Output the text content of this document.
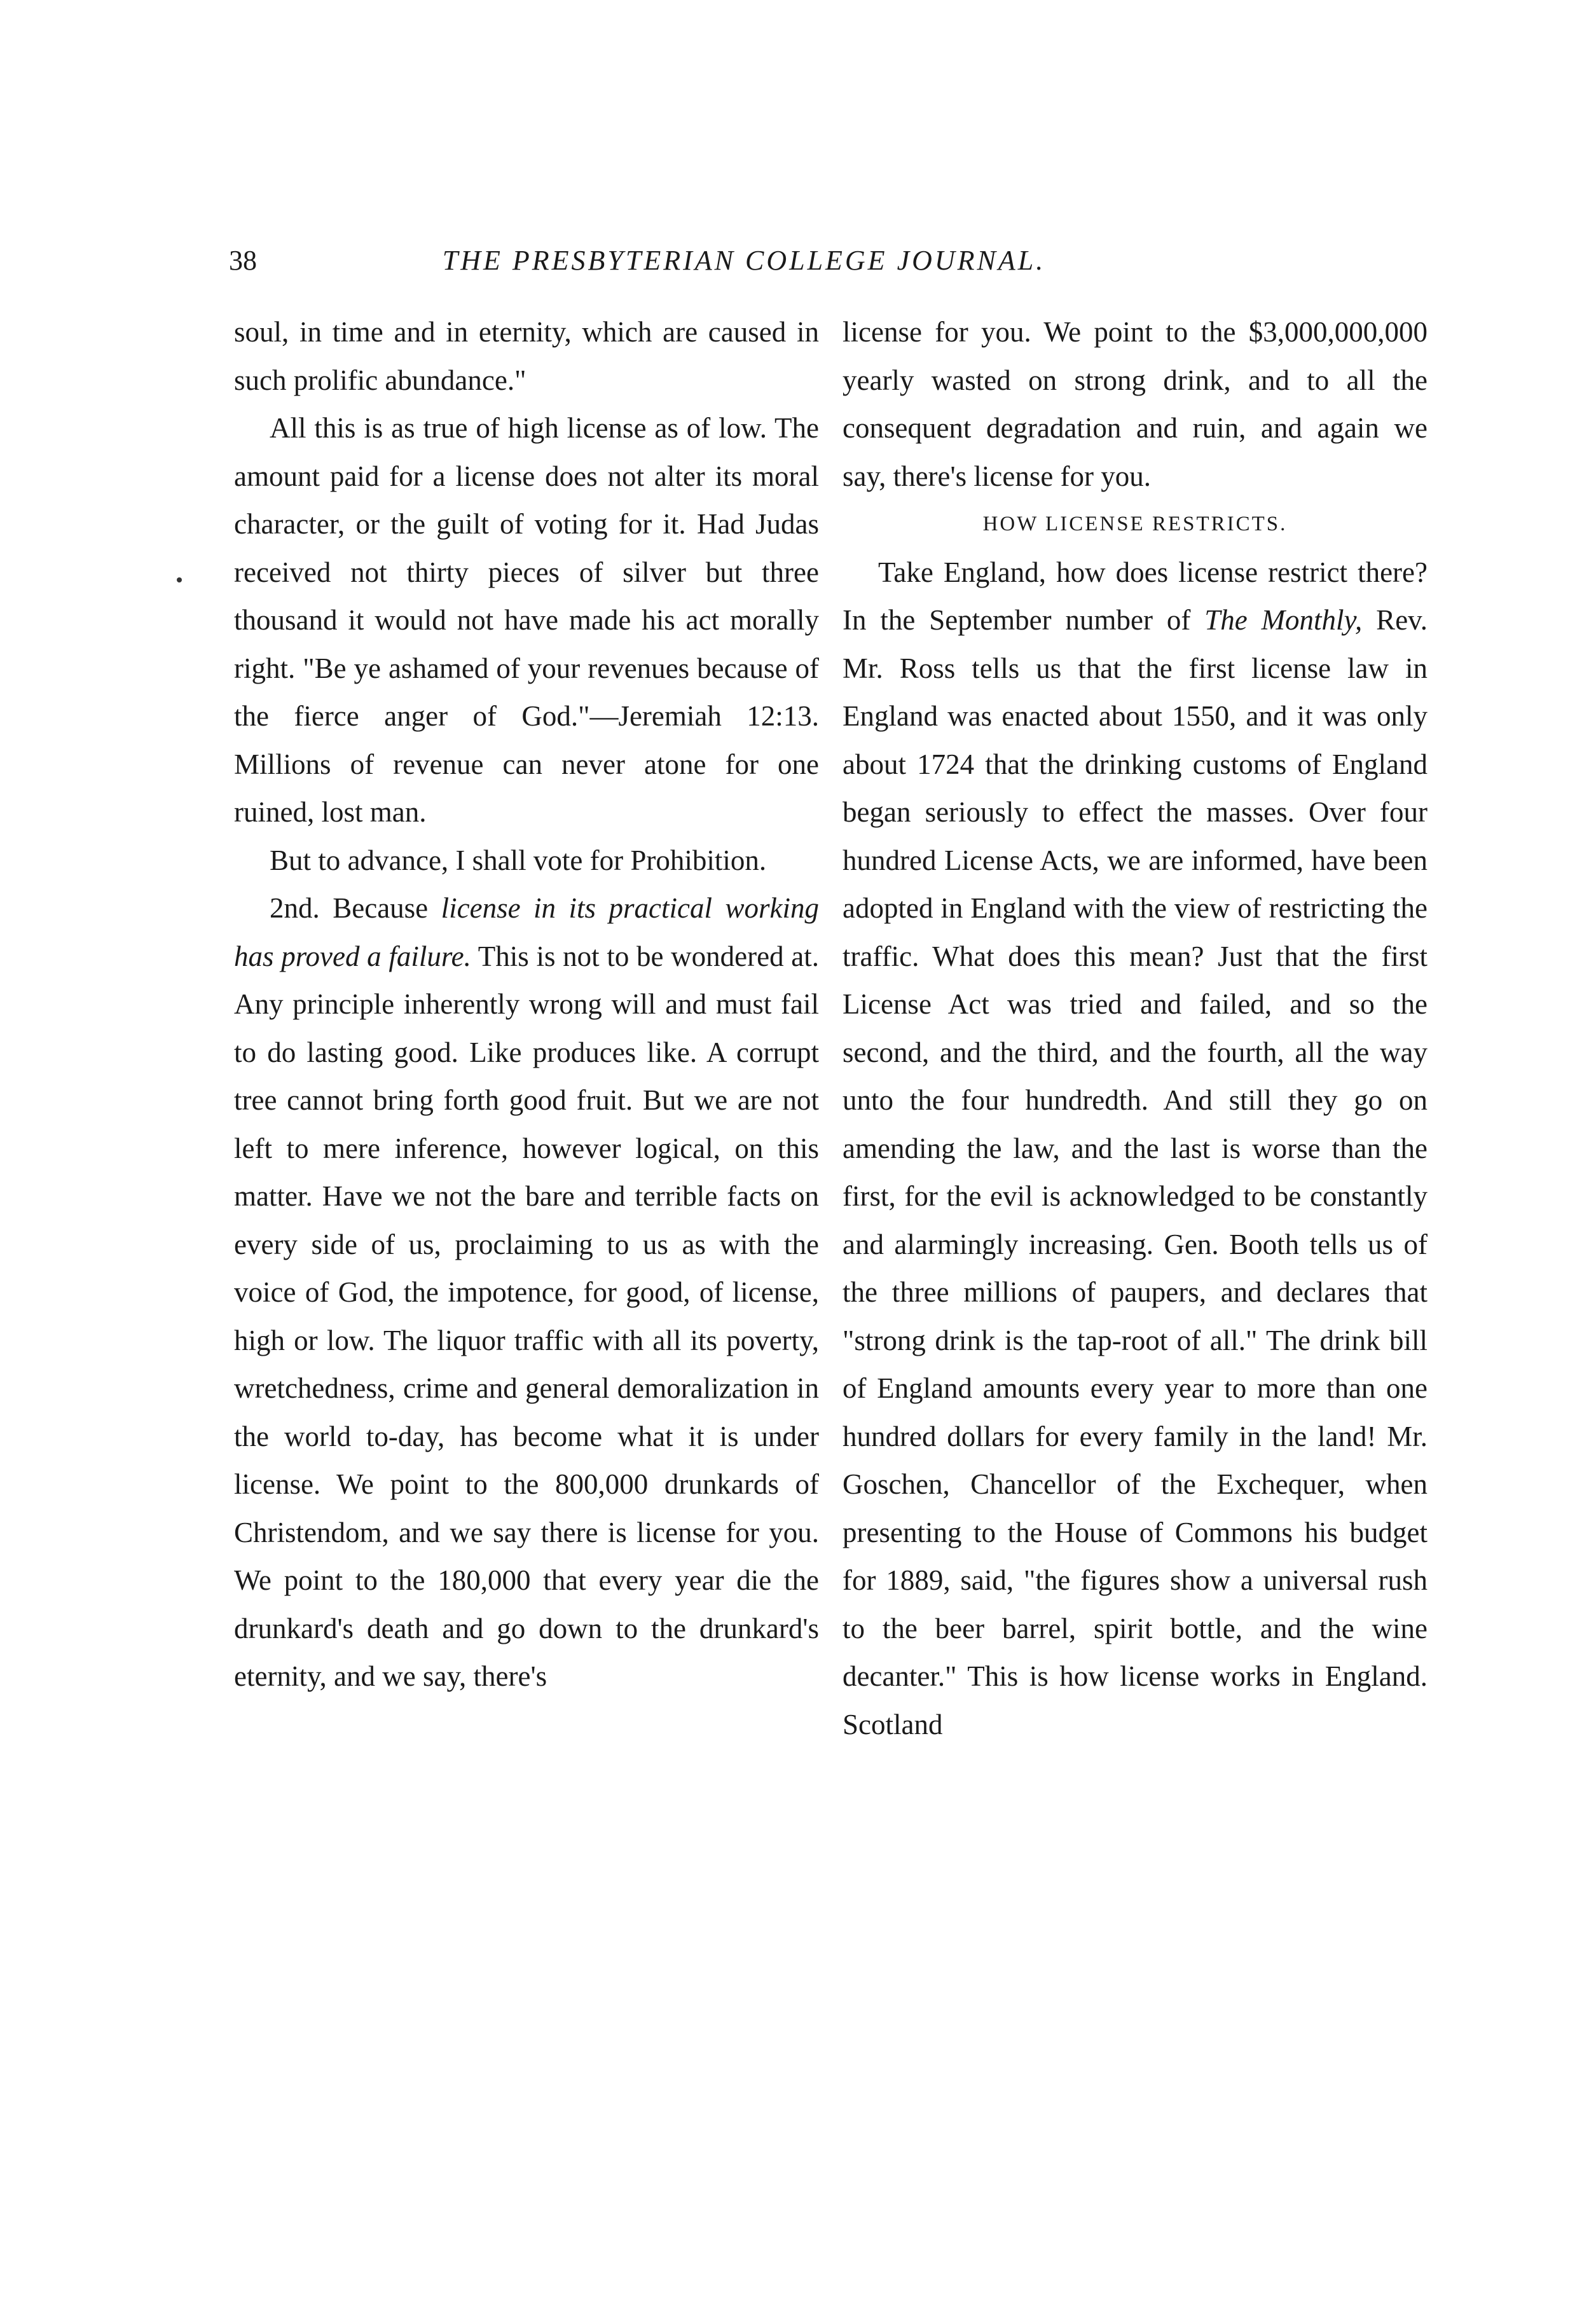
38	THE PRESBYTERIAN COLLEGE JOURNAL.

soul, in time and in eternity, which are caused in such prolific abundance."

All this is as true of high license as of low. The amount paid for a license does not alter its moral character, or the guilt of voting for it. Had Judas received not thirty pieces of silver but three thousand it would not have made his act morally right. "Be ye ashamed of your revenues because of the fierce anger of God."—Jeremiah 12:13. Millions of revenue can never atone for one ruined, lost man.

But to advance, I shall vote for Prohibition.

2nd. Because license in its practical working has proved a failure. This is not to be wondered at. Any principle inherently wrong will and must fail to do lasting good. Like produces like. A corrupt tree cannot bring forth good fruit. But we are not left to mere inference, however logical, on this matter. Have we not the bare and terrible facts on every side of us, proclaiming to us as with the voice of God, the impotence, for good, of license, high or low. The liquor traffic with all its poverty, wretchedness, crime and general demoralization in the world to-day, has become what it is under license. We point to the 800,000 drunkards of Christendom, and we say there is license for you. We point to the 180,000 that every year die the drunkard's death and go down to the drunkard's eternity, and we say, there's

license for you. We point to the $3,000,000,000 yearly wasted on strong drink, and to all the consequent degradation and ruin, and again we say, there's license for you.

HOW LICENSE RESTRICTS.

Take England, how does license restrict there? In the September number of The Monthly, Rev. Mr. Ross tells us that the first license law in England was enacted about 1550, and it was only about 1724 that the drinking customs of England began seriously to effect the masses. Over four hundred License Acts, we are informed, have been adopted in England with the view of restricting the traffic. What does this mean? Just that the first License Act was tried and failed, and so the second, and the third, and the fourth, all the way unto the four hundredth. And still they go on amending the law, and the last is worse than the first, for the evil is acknowledged to be constantly and alarmingly increasing. Gen. Booth tells us of the three millions of paupers, and declares that "strong drink is the tap-root of all." The drink bill of England amounts every year to more than one hundred dollars for every family in the land! Mr. Goschen, Chancellor of the Exchequer, when presenting to the House of Commons his budget for 1889, said, "the figures show a universal rush to the beer barrel, spirit bottle, and the wine decanter." This is how license works in England. Scotland
